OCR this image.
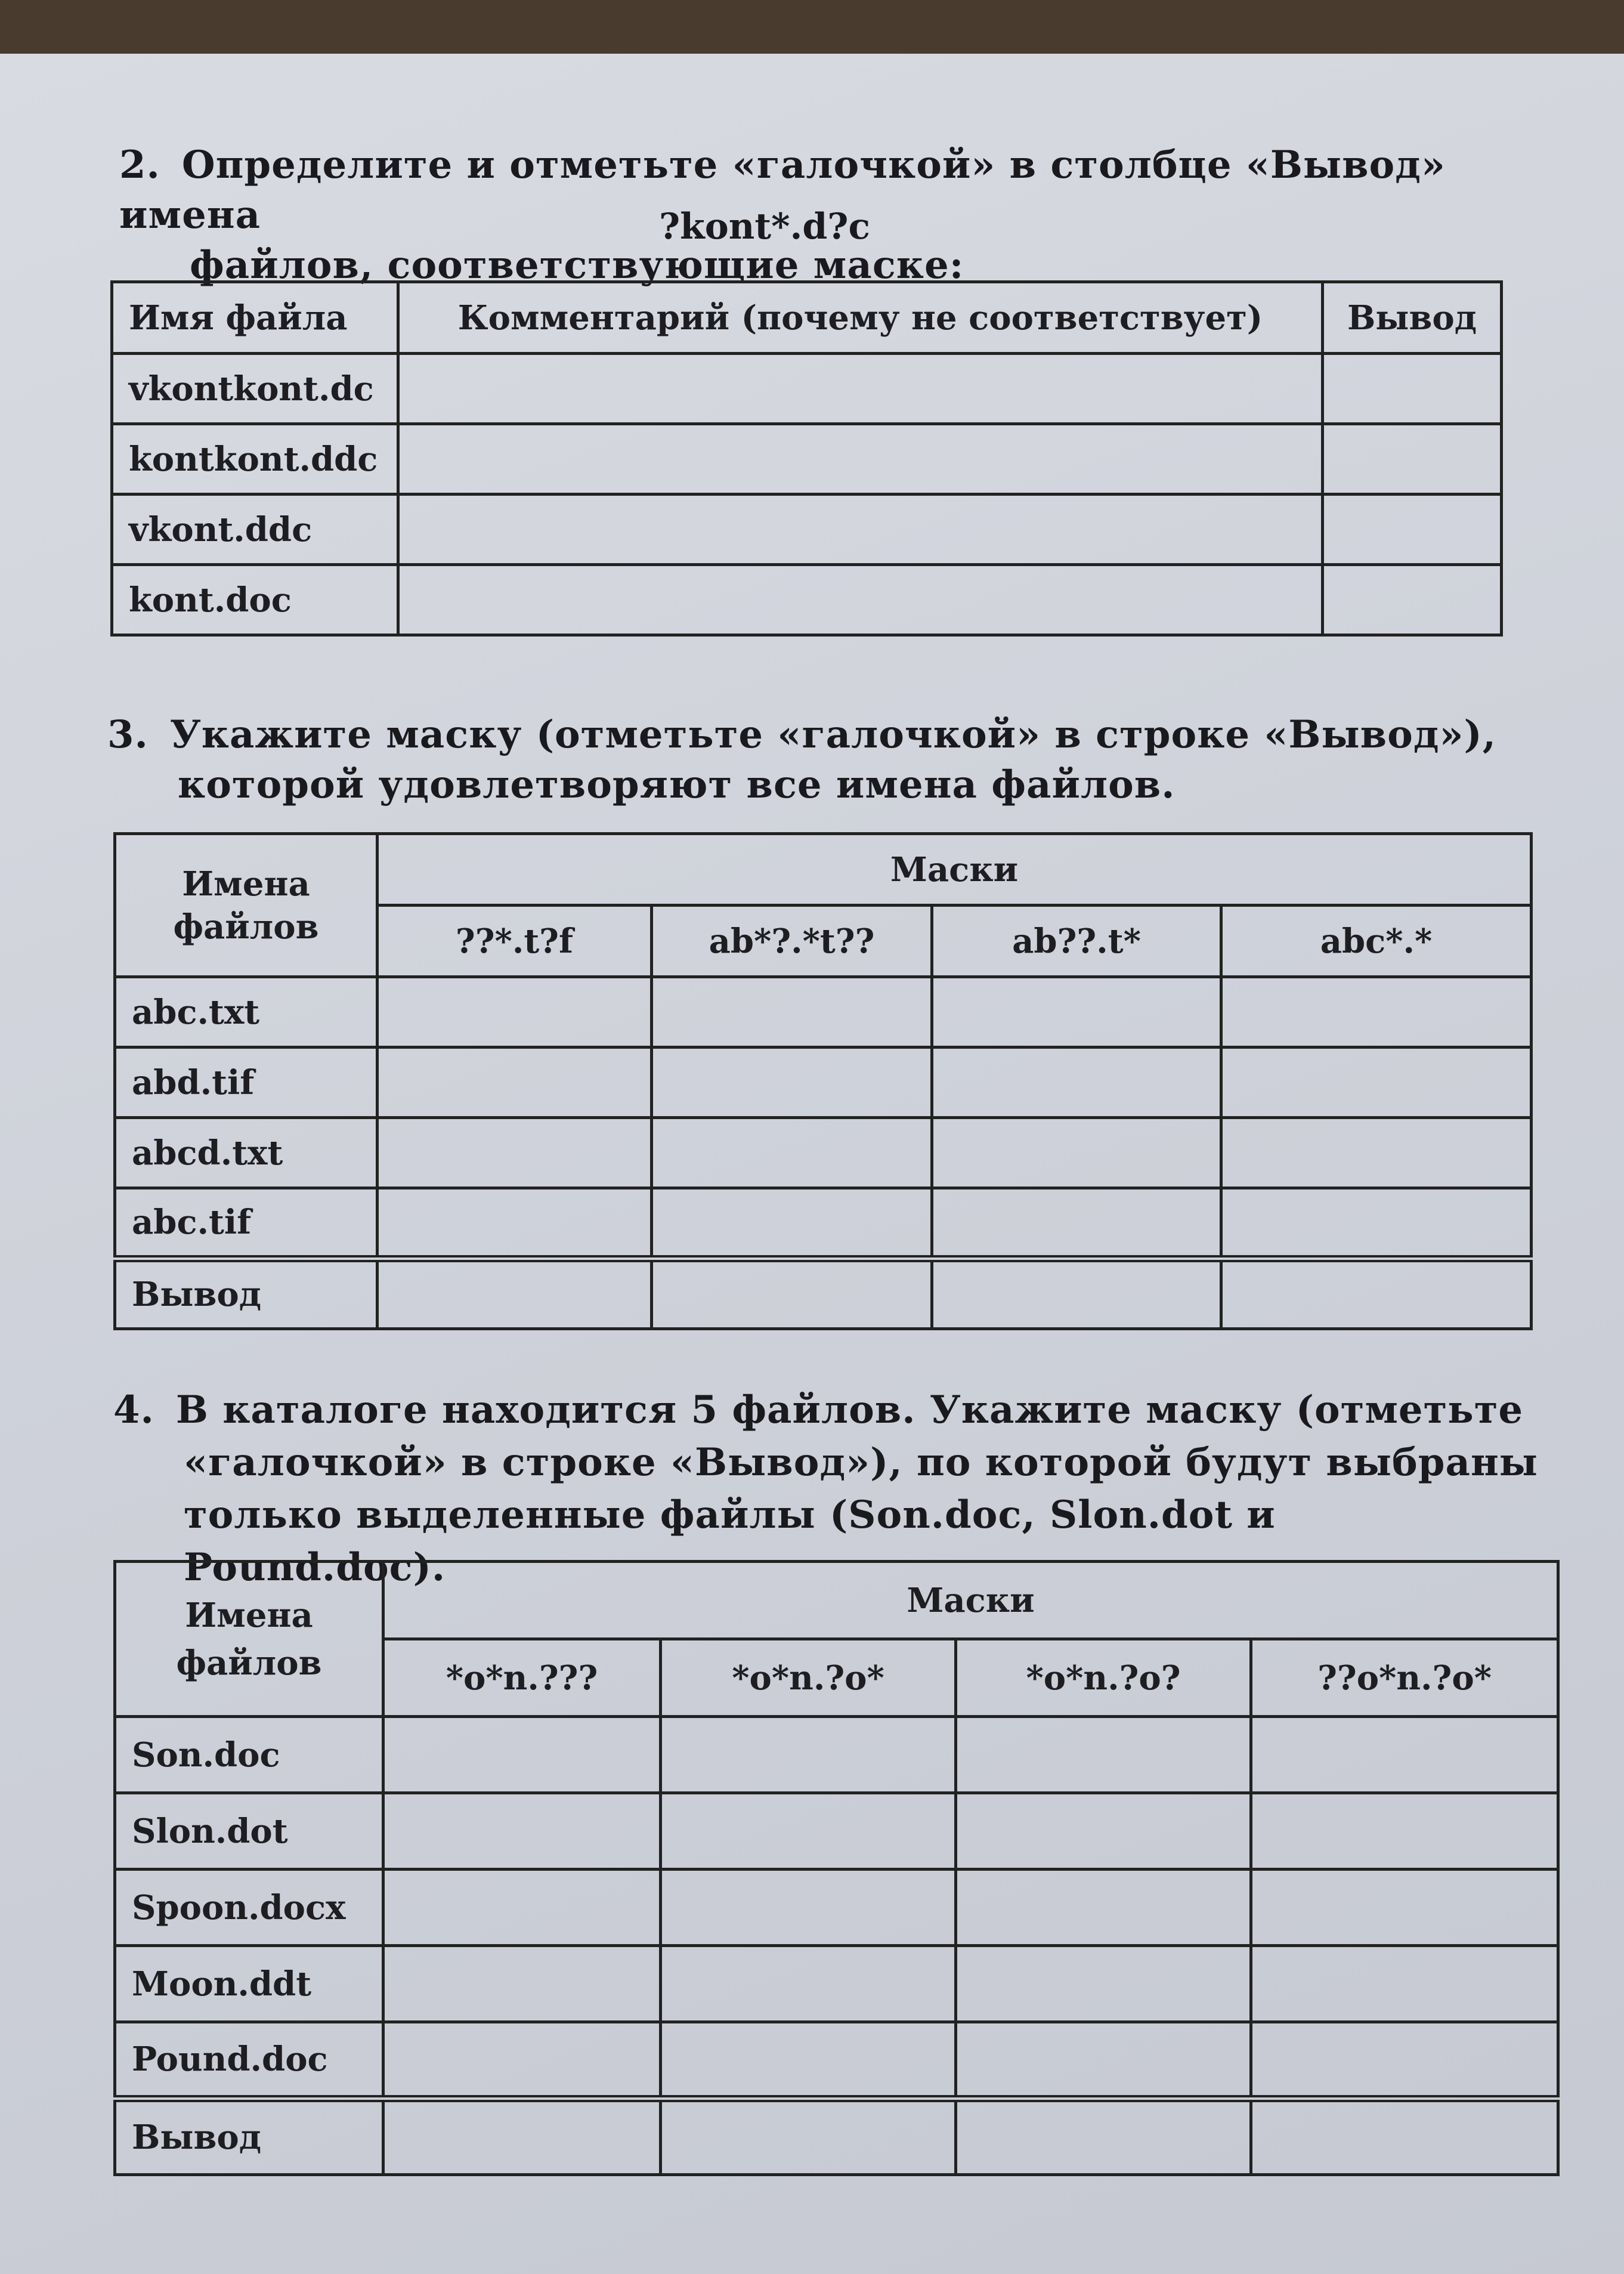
2. Определите и отметьте «галочкой» в столбце «Вывод» имена
файлов, соответствующие маске:
?kont*.d?c
Имя файла	Комментарий (почему не соответствует)	Вывод
vkontkont.dc		
kontkont.ddc		
vkont.ddc		
kont.doc		
3. Укажите маску (отметьте «галочкой» в строке «Вывод»),
которой удовлетворяют все имена файлов.
Имена
файлов	Маски			
	??*.t?f	ab*?.*t??	ab??.t*	abc*.*
abc.txt				
abd.tif				
abcd.txt				
abc.tif				
Вывод				
4. В каталоге находится 5 файлов. Укажите маску (отметьте
«галочкой» в строке «Вывод»), по которой будут выбраны
только выделенные файлы (Son.doc, Slon.dot и Pound.doc).
Имена
файлов	Маски			
	*o*n.???	*o*n.?o*	*o*n.?o?	??o*n.?o*
Son.doc				
Slon.dot				
Spoon.docx				
Moon.ddt				
Pound.doc				
Вывод				
